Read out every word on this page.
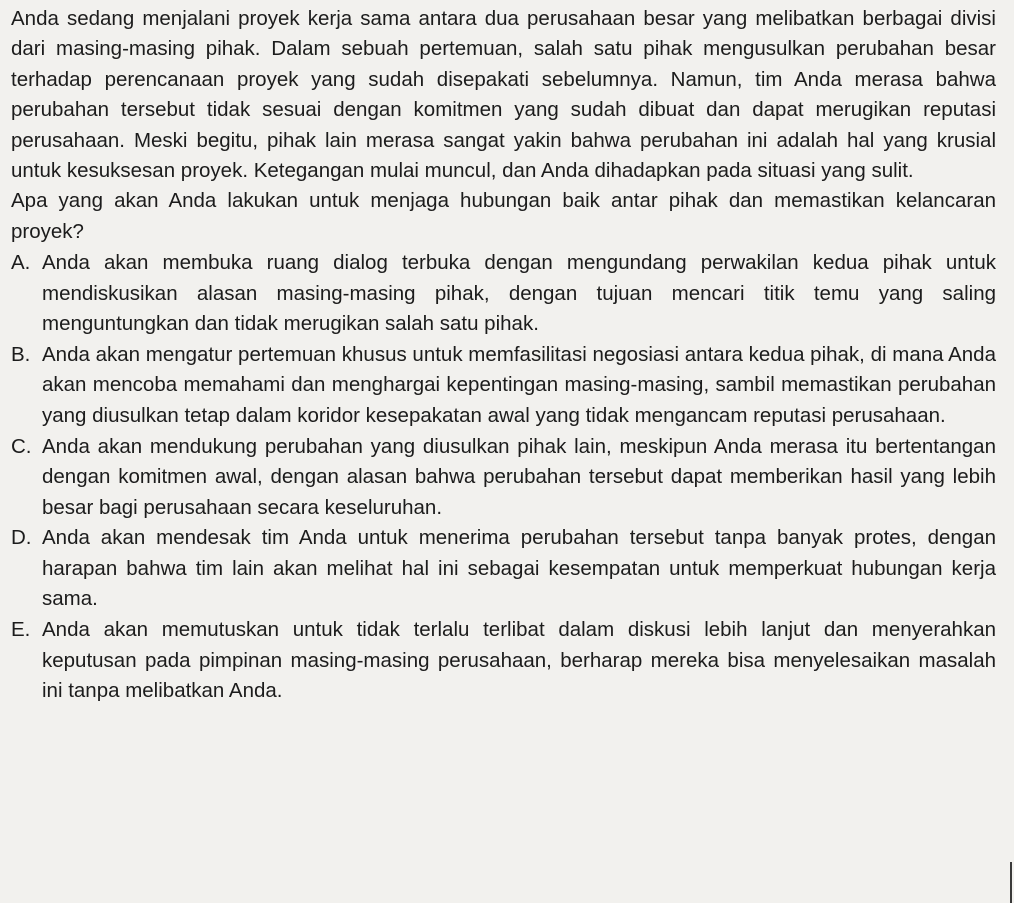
Anda sedang menjalani proyek kerja sama antara dua perusahaan besar yang melibatkan berbagai divisi dari masing-masing pihak. Dalam sebuah pertemuan, salah satu pihak mengusulkan perubahan besar terhadap perencanaan proyek yang sudah disepakati sebelumnya. Namun, tim Anda merasa bahwa perubahan tersebut tidak sesuai dengan komitmen yang sudah dibuat dan dapat merugikan reputasi perusahaan. Meski begitu, pihak lain merasa sangat yakin bahwa perubahan ini adalah hal yang krusial untuk kesuksesan proyek. Ketegangan mulai muncul, dan Anda dihadapkan pada situasi yang sulit.

Apa yang akan Anda lakukan untuk menjaga hubungan baik antar pihak dan memastikan kelancaran proyek?

A. Anda akan membuka ruang dialog terbuka dengan mengundang perwakilan kedua pihak untuk mendiskusikan alasan masing-masing pihak, dengan tujuan mencari titik temu yang saling menguntungkan dan tidak merugikan salah satu pihak.
B. Anda akan mengatur pertemuan khusus untuk memfasilitasi negosiasi antara kedua pihak, di mana Anda akan mencoba memahami dan menghargai kepentingan masing-masing, sambil memastikan perubahan yang diusulkan tetap dalam koridor kesepakatan awal yang tidak mengancam reputasi perusahaan.
C. Anda akan mendukung perubahan yang diusulkan pihak lain, meskipun Anda merasa itu bertentangan dengan komitmen awal, dengan alasan bahwa perubahan tersebut dapat memberikan hasil yang lebih besar bagi perusahaan secara keseluruhan.
D. Anda akan mendesak tim Anda untuk menerima perubahan tersebut tanpa banyak protes, dengan harapan bahwa tim lain akan melihat hal ini sebagai kesempatan untuk memperkuat hubungan kerja sama.
E. Anda akan memutuskan untuk tidak terlalu terlibat dalam diskusi lebih lanjut dan menyerahkan keputusan pada pimpinan masing-masing perusahaan, berharap mereka bisa menyelesaikan masalah ini tanpa melibatkan Anda.
